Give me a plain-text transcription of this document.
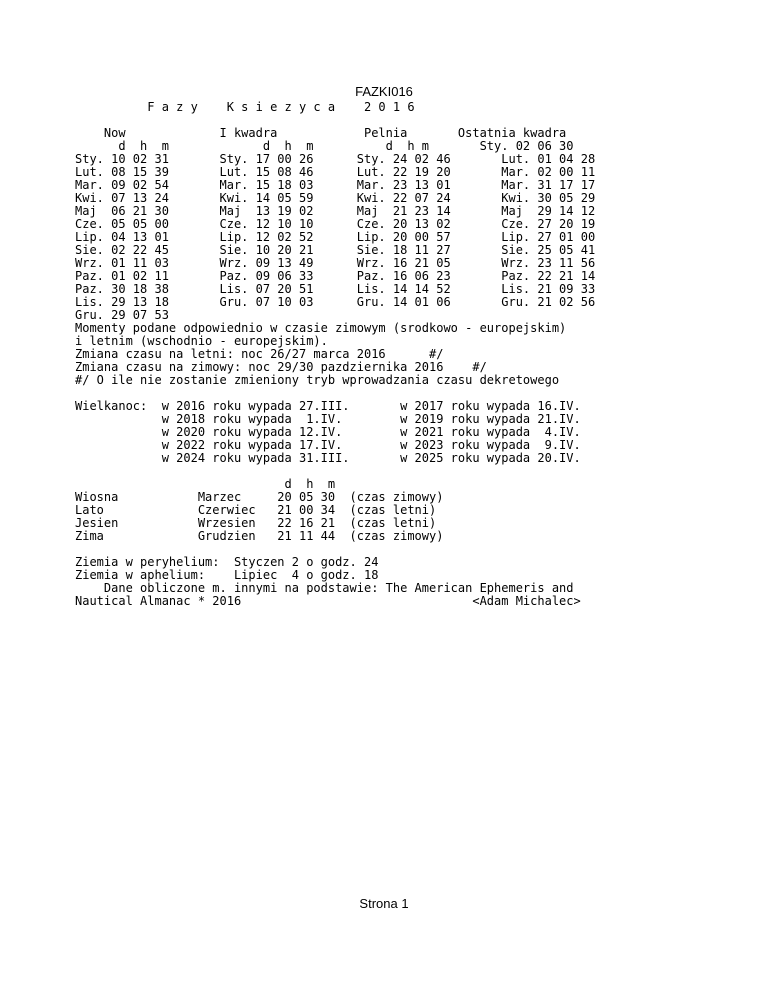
FAZKI016
F a z y    K s i e z y c a    2 0 1 6

Now             I kwadra            Pelnia       Ostatnia kwadra
d  h  m             d  h  m          d  h m       Sty. 02 06 30
Sty. 10 02 31       Sty. 17 00 26      Sty. 24 02 46       Lut. 01 04 28
Lut. 08 15 39       Lut. 15 08 46      Lut. 22 19 20       Mar. 02 00 11
Mar. 09 02 54       Mar. 15 18 03      Mar. 23 13 01       Mar. 31 17 17
Kwi. 07 13 24       Kwi. 14 05 59      Kwi. 22 07 24       Kwi. 30 05 29
Maj  06 21 30       Maj  13 19 02      Maj  21 23 14       Maj  29 14 12
Cze. 05 05 00       Cze. 12 10 10      Cze. 20 13 02       Cze. 27 20 19
Lip. 04 13 01       Lip. 12 02 52      Lip. 20 00 57       Lip. 27 01 00
Sie. 02 22 45       Sie. 10 20 21      Sie. 18 11 27       Sie. 25 05 41
Wrz. 01 11 03       Wrz. 09 13 49      Wrz. 16 21 05       Wrz. 23 11 56
Paz. 01 02 11       Paz. 09 06 33      Paz. 16 06 23       Paz. 22 21 14
Paz. 30 18 38       Lis. 07 20 51      Lis. 14 14 52       Lis. 21 09 33
Lis. 29 13 18       Gru. 07 10 03      Gru. 14 01 06       Gru. 21 02 56
Gru. 29 07 53
Momenty podane odpowiednio w czasie zimowym (srodkowo - europejskim)
i letnim (wschodnio - europejskim).
Zmiana czasu na letni: noc 26/27 marca 2016      #/
Zmiana czasu na zimowy: noc 29/30 pazdziernika 2016    #/
#/ O ile nie zostanie zmieniony tryb wprowadzania czasu dekretowego

Wielkanoc:  w 2016 roku wypada 27.III.       w 2017 roku wypada 16.IV.
w 2018 roku wypada  1.IV.        w 2019 roku wypada 21.IV.
w 2020 roku wypada 12.IV.        w 2021 roku wypada  4.IV.
w 2022 roku wypada 17.IV.        w 2023 roku wypada  9.IV.
w 2024 roku wypada 31.III.       w 2025 roku wypada 20.IV.

d  h  m
Wiosna           Marzec     20 05 30  (czas zimowy)
Lato             Czerwiec   21 00 34  (czas letni)
Jesien           Wrzesien   22 16 21  (czas letni)
Zima             Grudzien   21 11 44  (czas zimowy)

Ziemia w peryhelium:  Styczen 2 o godz. 24
Ziemia w aphelium:    Lipiec  4 o godz. 18
Dane obliczone m. innymi na podstawie: The American Ephemeris and
Nautical Almanac * 2016                                <Adam Michalec>
Strona 1
